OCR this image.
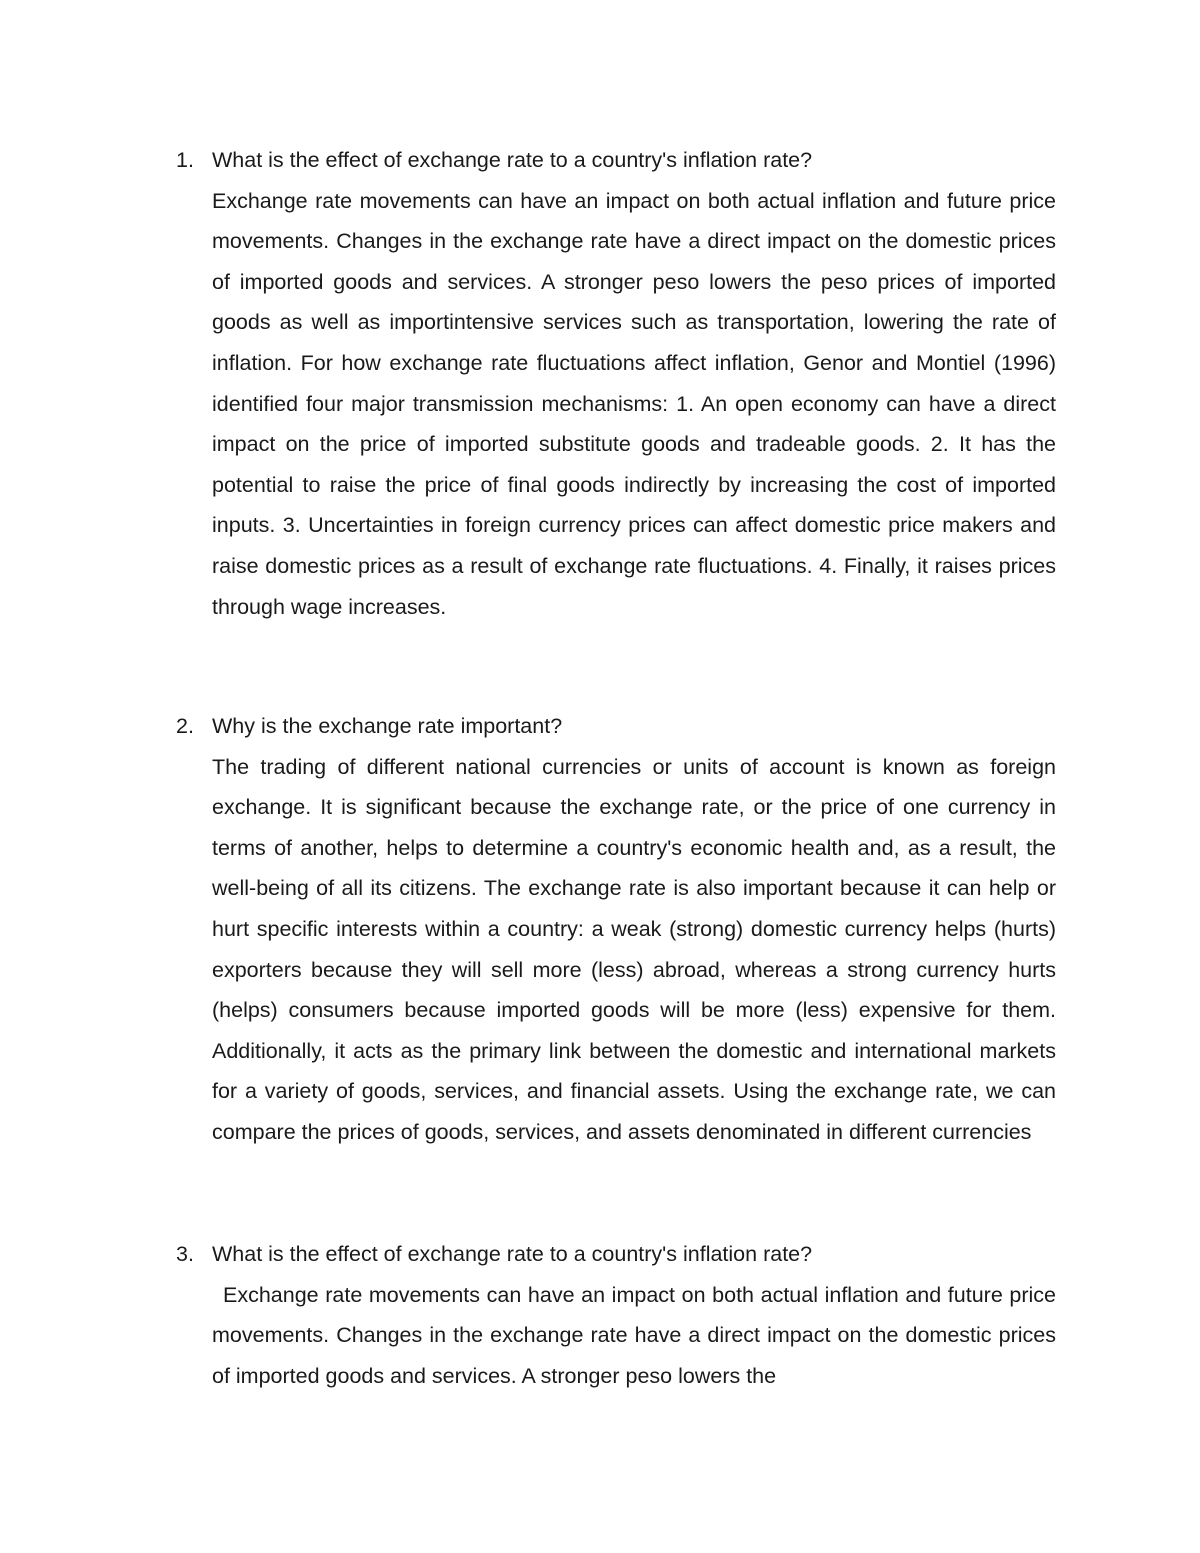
1. What is the effect of exchange rate to a country's inflation rate?
Exchange rate movements can have an impact on both actual inflation and future price movements. Changes in the exchange rate have a direct impact on the domestic prices of imported goods and services. A stronger peso lowers the peso prices of imported goods as well as importintensive services such as transportation, lowering the rate of inflation. For how exchange rate fluctuations affect inflation, Genor and Montiel (1996) identified four major transmission mechanisms: 1. An open economy can have a direct impact on the price of imported substitute goods and tradeable goods. 2. It has the potential to raise the price of final goods indirectly by increasing the cost of imported inputs. 3. Uncertainties in foreign currency prices can affect domestic price makers and raise domestic prices as a result of exchange rate fluctuations. 4. Finally, it raises prices through wage increases.
2. Why is the exchange rate important?
The trading of different national currencies or units of account is known as foreign exchange. It is significant because the exchange rate, or the price of one currency in terms of another, helps to determine a country's economic health and, as a result, the well-being of all its citizens. The exchange rate is also important because it can help or hurt specific interests within a country: a weak (strong) domestic currency helps (hurts) exporters because they will sell more (less) abroad, whereas a strong currency hurts (helps) consumers because imported goods will be more (less) expensive for them. Additionally, it acts as the primary link between the domestic and international markets for a variety of goods, services, and financial assets. Using the exchange rate, we can compare the prices of goods, services, and assets denominated in different currencies
3. What is the effect of exchange rate to a country's inflation rate?
Exchange rate movements can have an impact on both actual inflation and future price movements. Changes in the exchange rate have a direct impact on the domestic prices of imported goods and services. A stronger peso lowers the
